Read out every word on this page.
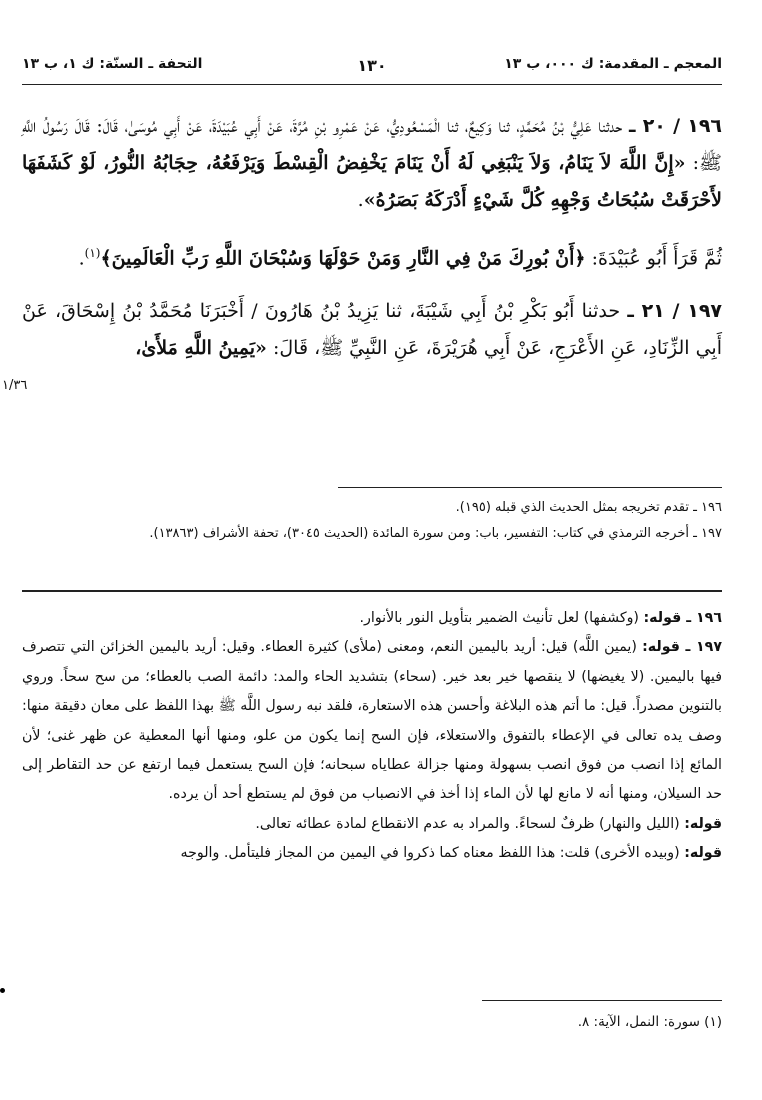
المعجم ـ المقدمة: ك ٠٠٠، ب ١٣
١٣٠
التحفة ـ السنّة: ك ١، ب ١٣
١/٣٦

١٩٦ / ٢٠ ـ حدثنا عَلِيُّ بْنُ مُحَمَّدٍ، ثنا وَكِيعٌ، ثنا الْمَسْعُودِيُّ، عَنْ عَمْرِو بْنِ مُرَّةَ، عَنْ أَبِي عُبَيْدَةَ، عَنْ أَبِي مُوسَىٰ، قَالَ: قَالَ رَسُولُ اللَّهِ ﷺ: «إِنَّ اللَّهَ لاَ يَنَامُ، وَلاَ يَنْبَغِي لَهُ أَنْ يَنَامَ يَخْفِضُ الْقِسْطَ وَيَرْفَعُهُ، حِجَابُهُ النُّورُ، لَوْ كَشَفَهَا لأَحْرَقَتْ سُبُحَاتُ وَجْهِهِ كُلَّ شَيْءٍ أَدْرَكَهُ بَصَرُهُ».

ثُمَّ قَرَأَ أَبُو عُبَيْدَةَ: ﴿أَنْ بُورِكَ مَنْ فِي النَّارِ وَمَنْ حَوْلَهَا وَسُبْحَانَ اللَّهِ رَبِّ الْعَالَمِينَ﴾$^{(١)}$.

١٩٧ / ٢١ ـ حدثنا أَبُو بَكْرِ بْنُ أَبِي شَيْبَةَ، ثنا يَزِيدُ بْنُ هَارُونَ / أَخْبَرَنَا مُحَمَّدُ بْنُ إِسْحَاقَ، عَنْ أَبِي الزِّنَادِ، عَنِ الأَعْرَجِ، عَنْ أَبِي هُرَيْرَةَ، عَنِ النَّبِيِّ ﷺ، قَالَ: «يَمِينُ اللَّهِ مَلأَىٰ،

١٩٦ ـ تقدم تخريجه بمثل الحديث الذي قبله (١٩٥).

١٩٧ ـ أخرجه الترمذي في كتاب: التفسير، باب: ومن سورة المائدة (الحديث ٣٠٤٥)، تحفة الأشراف (١٣٨٦٣).

١٩٦ ـ قوله: (وكشفها) لعل تأنيث الضمير بتأويل النور بالأنوار.

١٩٧ ـ قوله: (يمين اللَّه) قيل: أريد باليمين النعم، ومعنى (ملأى) كثيرة العطاء. وقيل: أريد باليمين الخزائن التي تتصرف فيها باليمين. (لا يغيضها) لا ينقصها خير بعد خير. (سحاء) بتشديد الحاء والمد: دائمة الصب بالعطاء؛ من سح سحاً. وروي بالتنوين مصدراً. قيل: ما أتم هذه البلاغة وأحسن هذه الاستعارة، فلقد نبه رسول اللَّه ﷺ بهذا اللفظ على معان دقيقة منها: وصف يده تعالى في الإعطاء بالتفوق والاستعلاء، فإن السح إنما يكون من علو، ومنها أنها المعطية عن ظهر غنى؛ لأن المائع إذا انصب من فوق انصب بسهولة ومنها جزالة عطاياه سبحانه؛ فإن السح يستعمل فيما ارتفع عن حد التقاطر إلى حد السيلان، ومنها أنه لا مانع لها لأن الماء إذا أخذ في الانصباب من فوق لم يستطع أحد أن يرده.

قوله: (الليل والنهار) ظرفٌ لسحاءً. والمراد به عدم الانقطاع لمادة عطائه تعالى.

قوله: (وبيده الأخرى) قلت: هذا اللفظ معناه كما ذكروا في اليمين من المجاز فليتأمل. والوجه

(١) سورة: النمل، الآية: ٨.
